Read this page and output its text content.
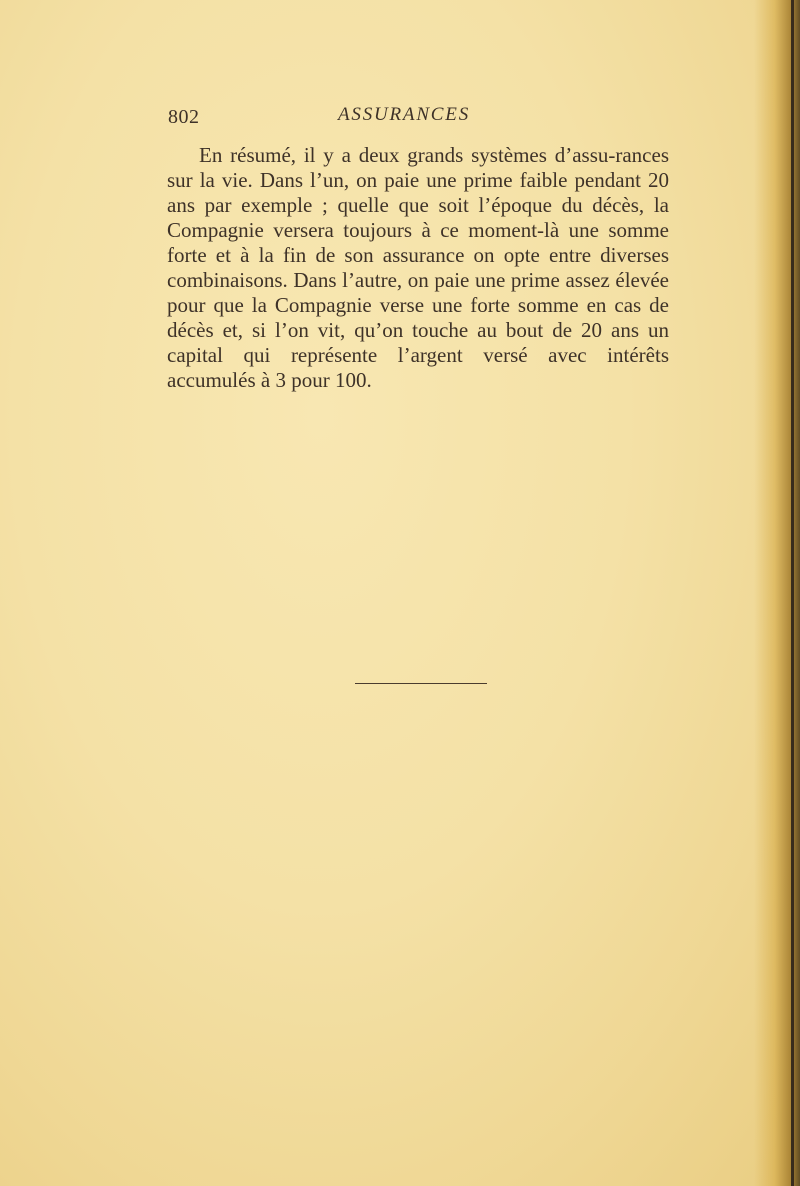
802	ASSURANCES

En résumé, il y a deux grands systèmes d’assu-rances sur la vie. Dans l’un, on paie une prime faible pendant 20 ans par exemple ; quelle que soit l’époque du décès, la Compagnie versera toujours à ce moment-là une somme forte et à la fin de son assurance on opte entre diverses combinaisons. Dans l’autre, on paie une prime assez élevée pour que la Compagnie verse une forte somme en cas de décès et, si l’on vit, qu’on touche au bout de 20 ans un capital qui représente l’argent versé avec intérêts accumulés à 3 pour 100.
